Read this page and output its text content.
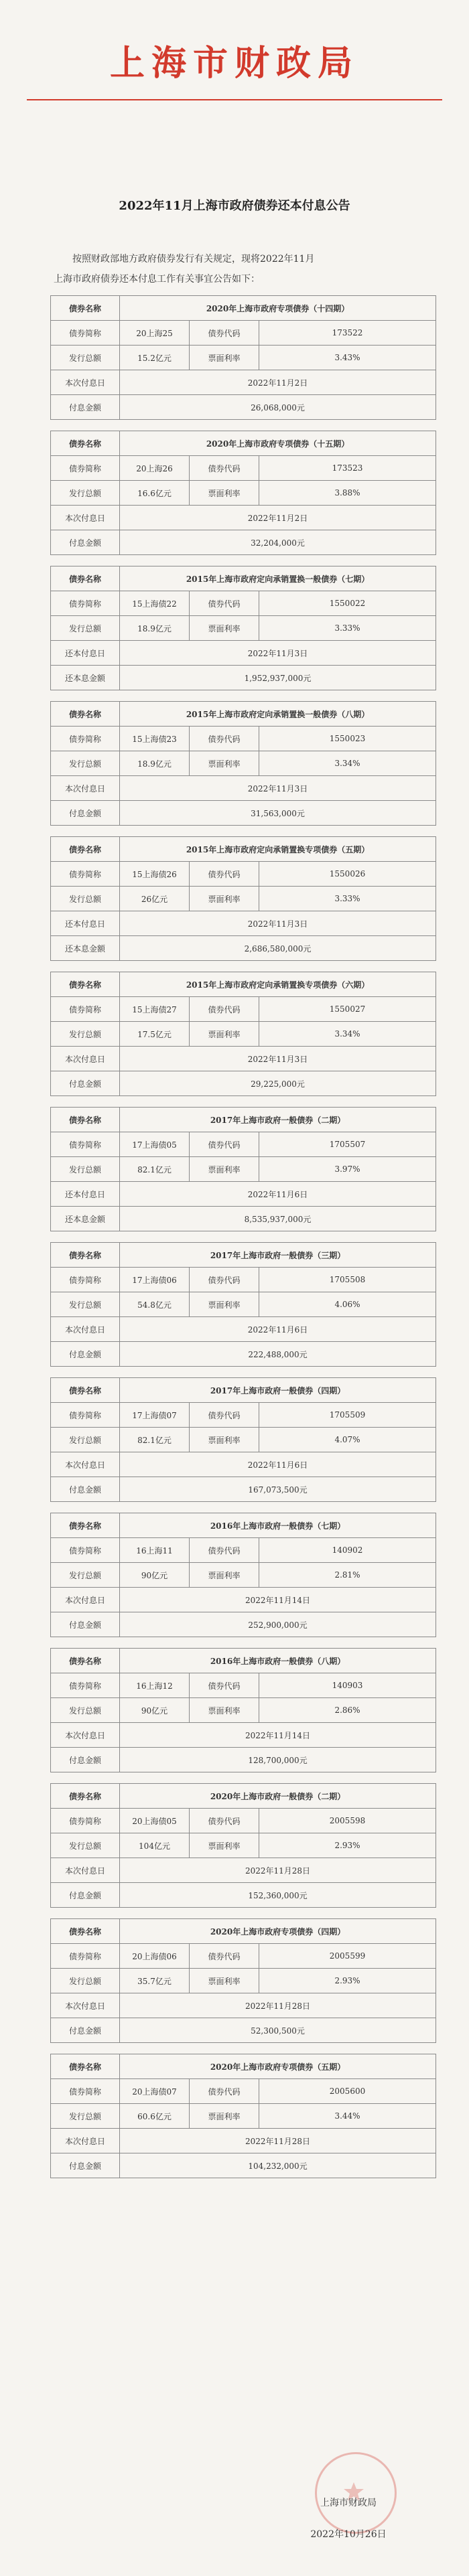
上海市财政局
2022年11月上海市政府债券还本付息公告
按照财政部地方政府债券发行有关规定，现将2022年11月
上海市政府债券还本付息工作有关事宜公告如下：
债券名称	2020年上海市政府专项债券（十四期）		
债券简称	20上海25	债券代码	173522
发行总额	15.2亿元	票面利率	3.43%
本次付息日	2022年11月2日		
付息金额	26,068,000元		
债券名称	2020年上海市政府专项债券（十五期）		
债券简称	20上海26	债券代码	173523
发行总额	16.6亿元	票面利率	3.88%
本次付息日	2022年11月2日		
付息金额	32,204,000元		
债券名称	2015年上海市政府定向承销置换一般债券（七期）		
债券简称	15上海债22	债券代码	1550022
发行总额	18.9亿元	票面利率	3.33%
还本付息日	2022年11月3日		
还本息金额	1,952,937,000元		
债券名称	2015年上海市政府定向承销置换一般债券（八期）		
债券简称	15上海债23	债券代码	1550023
发行总额	18.9亿元	票面利率	3.34%
本次付息日	2022年11月3日		
付息金额	31,563,000元		
债券名称	2015年上海市政府定向承销置换专项债券（五期）		
债券简称	15上海债26	债券代码	1550026
发行总额	26亿元	票面利率	3.33%
还本付息日	2022年11月3日		
还本息金额	2,686,580,000元		
债券名称	2015年上海市政府定向承销置换专项债券（六期）		
债券简称	15上海债27	债券代码	1550027
发行总额	17.5亿元	票面利率	3.34%
本次付息日	2022年11月3日		
付息金额	29,225,000元		
债券名称	2017年上海市政府一般债券（二期）		
债券简称	17上海债05	债券代码	1705507
发行总额	82.1亿元	票面利率	3.97%
还本付息日	2022年11月6日		
还本息金额	8,535,937,000元		
债券名称	2017年上海市政府一般债券（三期）		
债券简称	17上海债06	债券代码	1705508
发行总额	54.8亿元	票面利率	4.06%
本次付息日	2022年11月6日		
付息金额	222,488,000元		
债券名称	2017年上海市政府一般债券（四期）		
债券简称	17上海债07	债券代码	1705509
发行总额	82.1亿元	票面利率	4.07%
本次付息日	2022年11月6日		
付息金额	167,073,500元		
债券名称	2016年上海市政府一般债券（七期）		
债券简称	16上海11	债券代码	140902
发行总额	90亿元	票面利率	2.81%
本次付息日	2022年11月14日		
付息金额	252,900,000元		
债券名称	2016年上海市政府一般债券（八期）		
债券简称	16上海12	债券代码	140903
发行总额	90亿元	票面利率	2.86%
本次付息日	2022年11月14日		
付息金额	128,700,000元		
债券名称	2020年上海市政府一般债券（二期）		
债券简称	20上海债05	债券代码	2005598
发行总额	104亿元	票面利率	2.93%
本次付息日	2022年11月28日		
付息金额	152,360,000元		
债券名称	2020年上海市政府专项债券（四期）		
债券简称	20上海债06	债券代码	2005599
发行总额	35.7亿元	票面利率	2.93%
本次付息日	2022年11月28日		
付息金额	52,300,500元		
债券名称	2020年上海市政府专项债券（五期）		
债券简称	20上海债07	债券代码	2005600
发行总额	60.6亿元	票面利率	3.44%
本次付息日	2022年11月28日		
付息金额	104,232,000元		
上海市财政局
2022年10月26日
